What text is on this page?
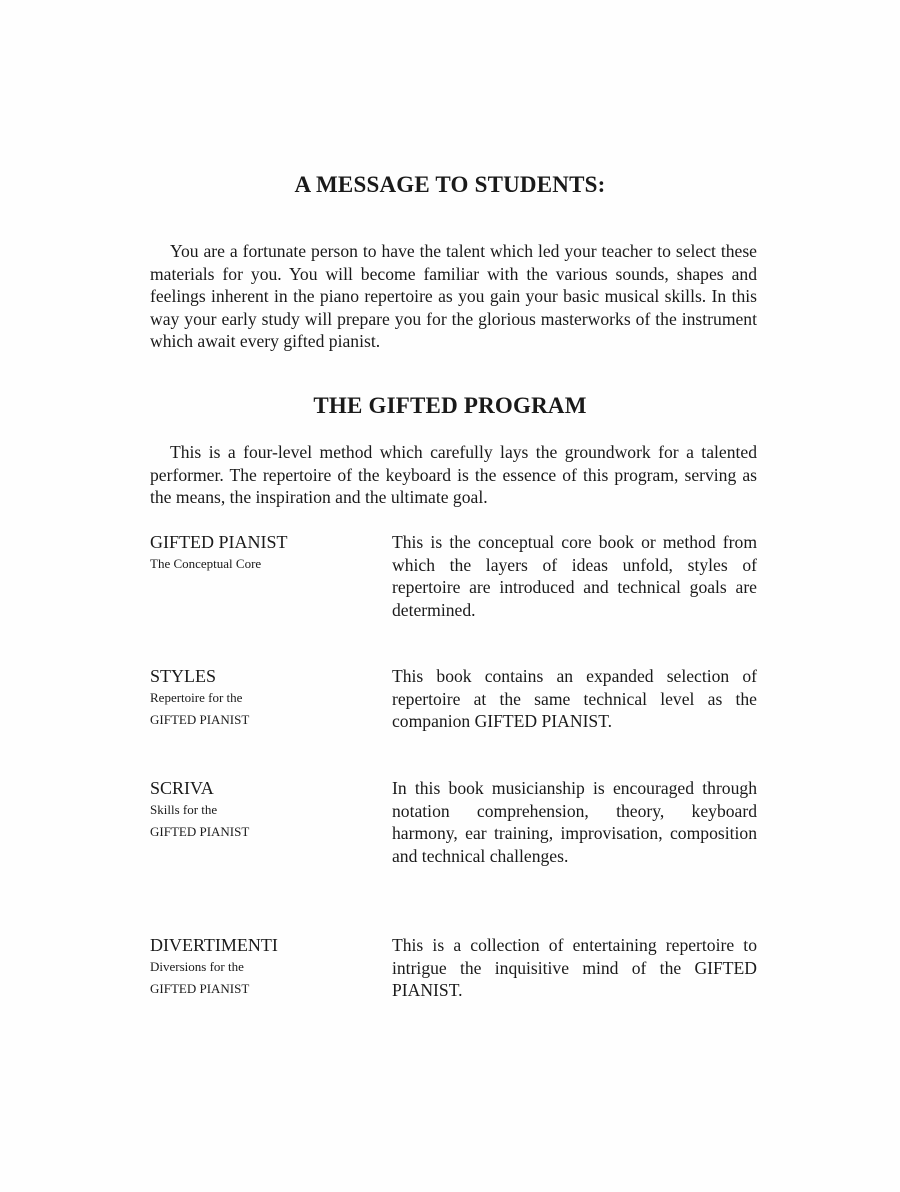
A MESSAGE TO STUDENTS:

You are a fortunate person to have the talent which led your teacher to select these materials for you. You will become familiar with the various sounds, shapes and feelings inherent in the piano repertoire as you gain your basic musical skills. In this way your early study will prepare you for the glorious masterworks of the instrument which await every gifted pianist.

THE GIFTED PROGRAM

This is a four-level method which carefully lays the groundwork for a talented performer. The repertoire of the keyboard is the essence of this program, serving as the means, the inspiration and the ultimate goal.

GIFTED PIANIST
The Conceptual Core

This is the conceptual core book or method from which the layers of ideas unfold, styles of repertoire are introduced and technical goals are determined.

STYLES
Repertoire for the
GIFTED PIANIST

This book contains an expanded selection of repertoire at the same technical level as the companion GIFTED PIANIST.

SCRIVA
Skills for the
GIFTED PIANIST

In this book musicianship is encouraged through notation comprehension, theory, keyboard harmony, ear training, improvisation, composition and technical challenges.

DIVERTIMENTI
Diversions for the
GIFTED PIANIST

This is a collection of entertaining repertoire to intrigue the inquisitive mind of the GIFTED PIANIST.
